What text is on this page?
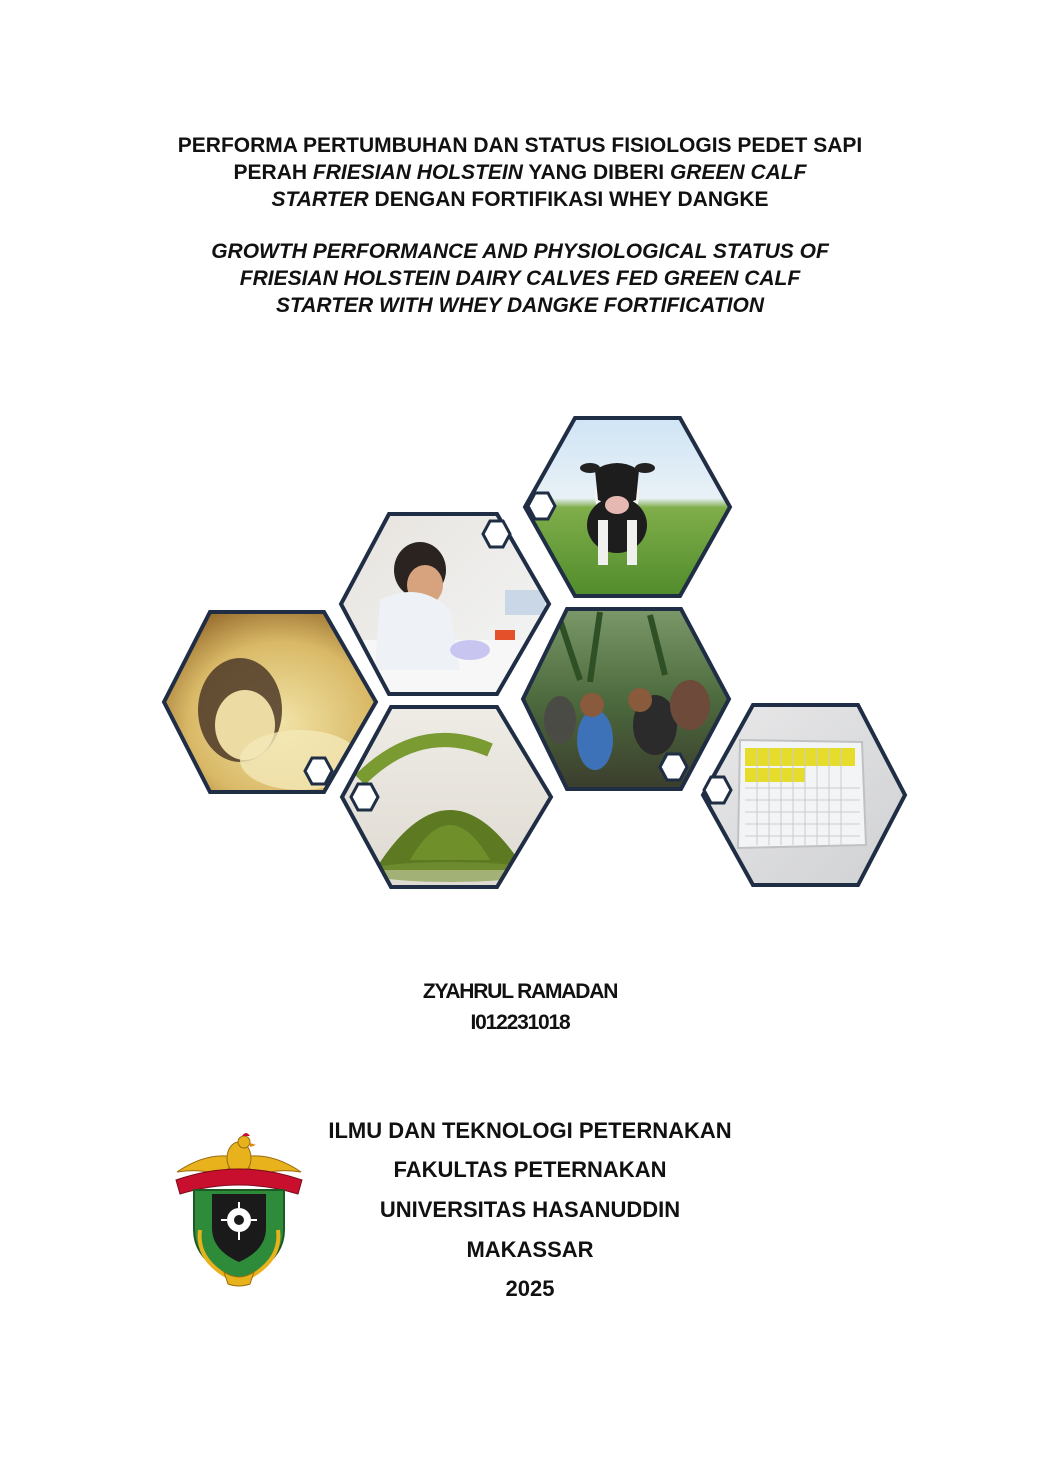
PERFORMA PERTUMBUHAN DAN STATUS FISIOLOGIS PEDET SAPI
PERAH FRIESIAN HOLSTEIN YANG DIBERI GREEN CALF
STARTER DENGAN FORTIFIKASI WHEY DANGKE
GROWTH PERFORMANCE AND PHYSIOLOGICAL STATUS OF
FRIESIAN HOLSTEIN DAIRY CALVES FED GREEN CALF
STARTER WITH WHEY DANGKE FORTIFICATION
ZYAHRUL RAMADAN
I012231018
ILMU DAN TEKNOLOGI PETERNAKAN
FAKULTAS PETERNAKAN
UNIVERSITAS HASANUDDIN
MAKASSAR
2025
